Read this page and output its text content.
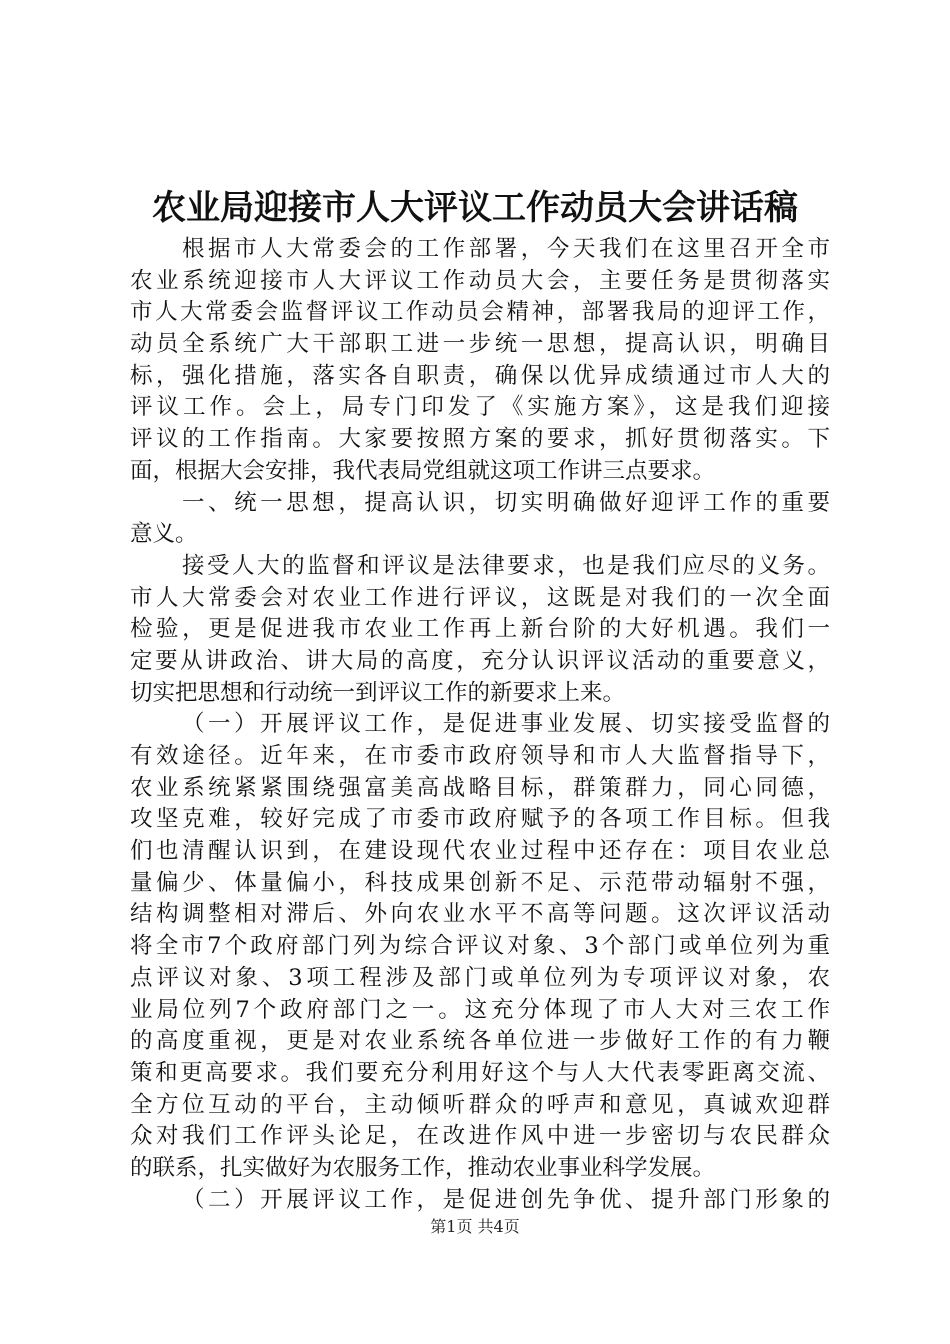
农业局迎接市人大评议工作动员大会讲话稿
根据市人大常委会的工作部署，今天我们在这里召开全市
农业系统迎接市人大评议工作动员大会，主要任务是贯彻落实
市人大常委会监督评议工作动员会精神，部署我局的迎评工作，
动员全系统广大干部职工进一步统一思想，提高认识，明确目
标，强化措施，落实各自职责，确保以优异成绩通过市人大的
评议工作。会上，局专门印发了《实施方案》，这是我们迎接
评议的工作指南。大家要按照方案的要求，抓好贯彻落实。下
面，根据大会安排，我代表局党组就这项工作讲三点要求。
一、统一思想，提高认识，切实明确做好迎评工作的重要
意义。
接受人大的监督和评议是法律要求，也是我们应尽的义务。
市人大常委会对农业工作进行评议，这既是对我们的一次全面
检验，更是促进我市农业工作再上新台阶的大好机遇。我们一
定要从讲政治、讲大局的高度，充分认识评议活动的重要意义，
切实把思想和行动统一到评议工作的新要求上来。
（一）开展评议工作，是促进事业发展、切实接受监督的
有效途径。近年来，在市委市政府领导和市人大监督指导下，
农业系统紧紧围绕强富美高战略目标，群策群力，同心同德，
攻坚克难，较好完成了市委市政府赋予的各项工作目标。但我
们也清醒认识到，在建设现代农业过程中还存在：项目农业总
量偏少、体量偏小，科技成果创新不足、示范带动辐射不强，
结构调整相对滞后、外向农业水平不高等问题。这次评议活动
将全市7个政府部门列为综合评议对象、3个部门或单位列为重
点评议对象、3项工程涉及部门或单位列为专项评议对象，农
业局位列7个政府部门之一。这充分体现了市人大对三农工作
的高度重视，更是对农业系统各单位进一步做好工作的有力鞭
策和更高要求。我们要充分利用好这个与人大代表零距离交流、
全方位互动的平台，主动倾听群众的呼声和意见，真诚欢迎群
众对我们工作评头论足，在改进作风中进一步密切与农民群众
的联系，扎实做好为农服务工作，推动农业事业科学发展。
（二）开展评议工作，是促进创先争优、提升部门形象的
第1页 共4页
